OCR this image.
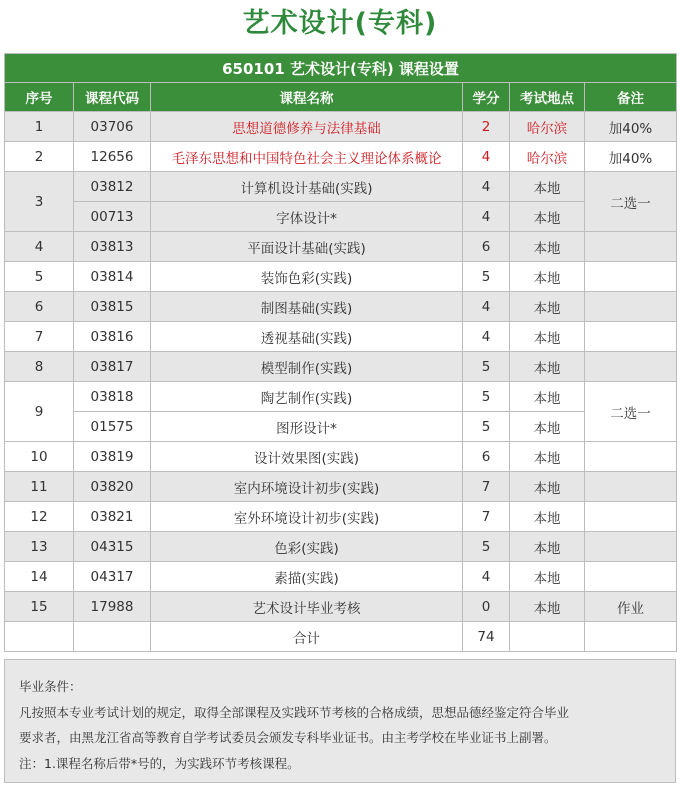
艺术设计(专科)
650101 艺术设计(专科) 课程设置					
序号	课程代码	课程名称	学分	考试地点	备注
1	03706	思想道德修养与法律基础	2	哈尔滨	加40%
2	12656	毛泽东思想和中国特色社会主义理论体系概论	4	哈尔滨	加40%
3	03812	计算机设计基础(实践)	4	本地	二选一
	00713	字体设计*	4	本地	
4	03813	平面设计基础(实践)	6	本地	
5	03814	装饰色彩(实践)	5	本地	
6	03815	制图基础(实践)	4	本地	
7	03816	透视基础(实践)	4	本地	
8	03817	模型制作(实践)	5	本地	
9	03818	陶艺制作(实践)	5	本地	二选一
	01575	图形设计*	5	本地	
10	03819	设计效果图(实践)	6	本地	
11	03820	室内环境设计初步(实践)	7	本地	
12	03821	室外环境设计初步(实践)	7	本地	
13	04315	色彩(实践)	5	本地	
14	04317	素描(实践)	4	本地	
15	17988	艺术设计毕业考核	0	本地	作业
		合计	74		
毕业条件：
凡按照本专业考试计划的规定，取得全部课程及实践环节考核的合格成绩，思想品德经鉴定符合毕业
要求者，由黑龙江省高等教育自学考试委员会颁发专科毕业证书。由主考学校在毕业证书上副署。
注：1.课程名称后带*号的，为实践环节考核课程。
